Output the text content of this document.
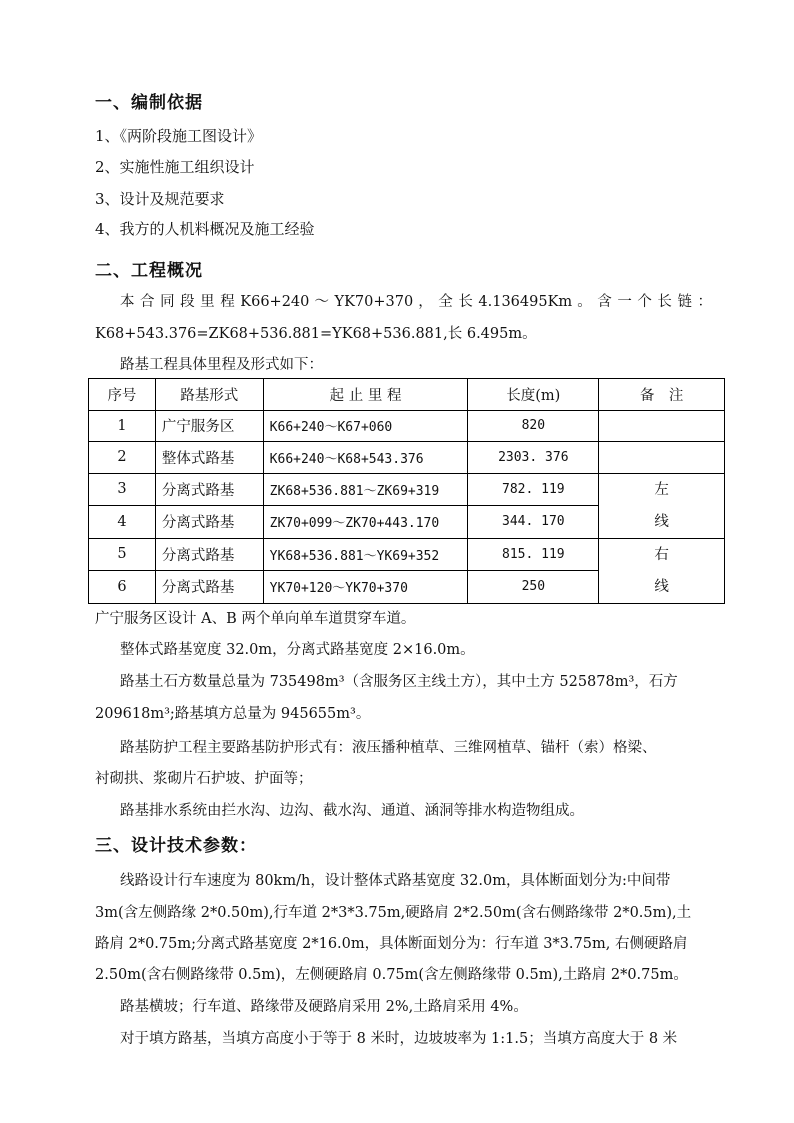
一、编制依据
1、《两阶段施工图设计》
2、实施性施工组织设计
3、设计及规范要求
4、我方的人机料概况及施工经验
二、工程概况
本 合 同 段 里 程 K66+240 ～ YK70+370 ， 全 长 4.136495Km 。 含 一 个 长 链 ：
K68+543.376=ZK68+536.881=YK68+536.881,长 6.495m。
路基工程具体里程及形式如下：
序号	路基形式	起 止 里 程	长度(m)	备　注
1	广宁服务区	K66+240～K67+060	820	
2	整体式路基	K66+240～K68+543.376	2303. 376	
3	分离式路基	ZK68+536.881～ZK69+319	782. 119	左
线

4	分离式路基	ZK70+099～ZK70+443.170	344. 170	
5	分离式路基	YK68+536.881～YK69+352	815. 119	右
线

6	分离式路基	YK70+120～YK70+370	250	
广宁服务区设计 A、B 两个单向单车道贯穿车道。
整体式路基宽度 32.0m，分离式路基宽度 2×16.0m。
路基土石方数量总量为 735498m³（含服务区主线土方），其中土方 525878m³，石方
209618m³;路基填方总量为 945655m³。
路基防护工程主要路基防护形式有：液压播种植草、三维网植草、锚杆（索）格梁、
衬砌拱、浆砌片石护坡、护面等；
路基排水系统由拦水沟、边沟、截水沟、通道、涵洞等排水构造物组成。
三、设计技术参数：
线路设计行车速度为 80km/h，设计整体式路基宽度 32.0m，具体断面划分为:中间带
3m(含左侧路缘 2*0.50m),行车道 2*3*3.75m,硬路肩 2*2.50m(含右侧路缘带 2*0.5m),土
路肩 2*0.75m;分离式路基宽度 2*16.0m，具体断面划分为：行车道 3*3.75m, 右侧硬路肩
2.50m(含右侧路缘带 0.5m)，左侧硬路肩 0.75m(含左侧路缘带 0.5m),土路肩 2*0.75m。
路基横坡；行车道、路缘带及硬路肩采用 2%,土路肩采用 4%。
对于填方路基，当填方高度小于等于 8 米时，边坡坡率为 1:1.5；当填方高度大于 8 米
